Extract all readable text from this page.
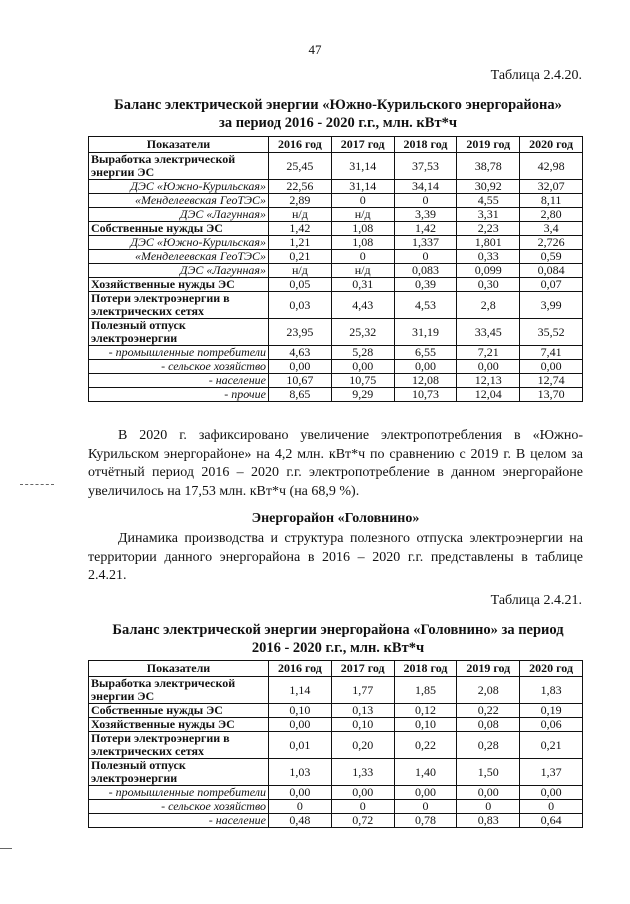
47
Таблица 2.4.20.
Баланс электрической энергии «Южно-Курильского энергорайона»
за период 2016 - 2020 г.г., млн. кВт*ч
Показатели	2016 год	2017 год	2018 год	2019 год	2020 год
Выработка электрической энергии ЭС	25,45	31,14	37,53	38,78	42,98
ДЭС «Южно-Курильская»	22,56	31,14	34,14	30,92	32,07
«Менделеевская ГеоТЭС»	2,89	0	0	4,55	8,11
ДЭС «Лагунная»	н/д	н/д	3,39	3,31	2,80
Собственные нужды ЭС	1,42	1,08	1,42	2,23	3,4
ДЭС «Южно-Курильская»	1,21	1,08	1,337	1,801	2,726
«Менделеевская ГеоТЭС»	0,21	0	0	0,33	0,59
ДЭС «Лагунная»	н/д	н/д	0,083	0,099	0,084
Хозяйственные нужды ЭС	0,05	0,31	0,39	0,30	0,07
Потери электроэнергии в электрических сетях	0,03	4,43	4,53	2,8	3,99
Полезный отпуск электроэнергии	23,95	25,32	31,19	33,45	35,52
- промышленные потребители	4,63	5,28	6,55	7,21	7,41
- сельское хозяйство	0,00	0,00	0,00	0,00	0,00
- население	10,67	10,75	12,08	12,13	12,74
- прочие	8,65	9,29	10,73	12,04	13,70
В 2020 г. зафиксировано увеличение электропотребления в «Южно-Курильском энергорайоне» на 4,2 млн. кВт*ч по сравнению с 2019 г. В целом за отчётный период 2016 – 2020 г.г. электропотребление в данном энергорайоне увеличилось на 17,53 млн. кВт*ч (на 68,9 %).
Энергорайон «Головнино»
Динамика производства и структура полезного отпуска электроэнергии на территории данного энергорайона в 2016 – 2020 г.г. представлены в таблице 2.4.21.
Таблица 2.4.21.
Баланс электрической энергии энергорайона «Головнино» за период
2016 - 2020 г.г., млн. кВт*ч
Показатели	2016 год	2017 год	2018 год	2019 год	2020 год
Выработка электрической энергии ЭС	1,14	1,77	1,85	2,08	1,83
Собственные нужды ЭС	0,10	0,13	0,12	0,22	0,19
Хозяйственные нужды ЭС	0,00	0,10	0,10	0,08	0,06
Потери электроэнергии в электрических сетях	0,01	0,20	0,22	0,28	0,21
Полезный отпуск электроэнергии	1,03	1,33	1,40	1,50	1,37
- промышленные потребители	0,00	0,00	0,00	0,00	0,00
- сельское хозяйство	0	0	0	0	0
- население	0,48	0,72	0,78	0,83	0,64
